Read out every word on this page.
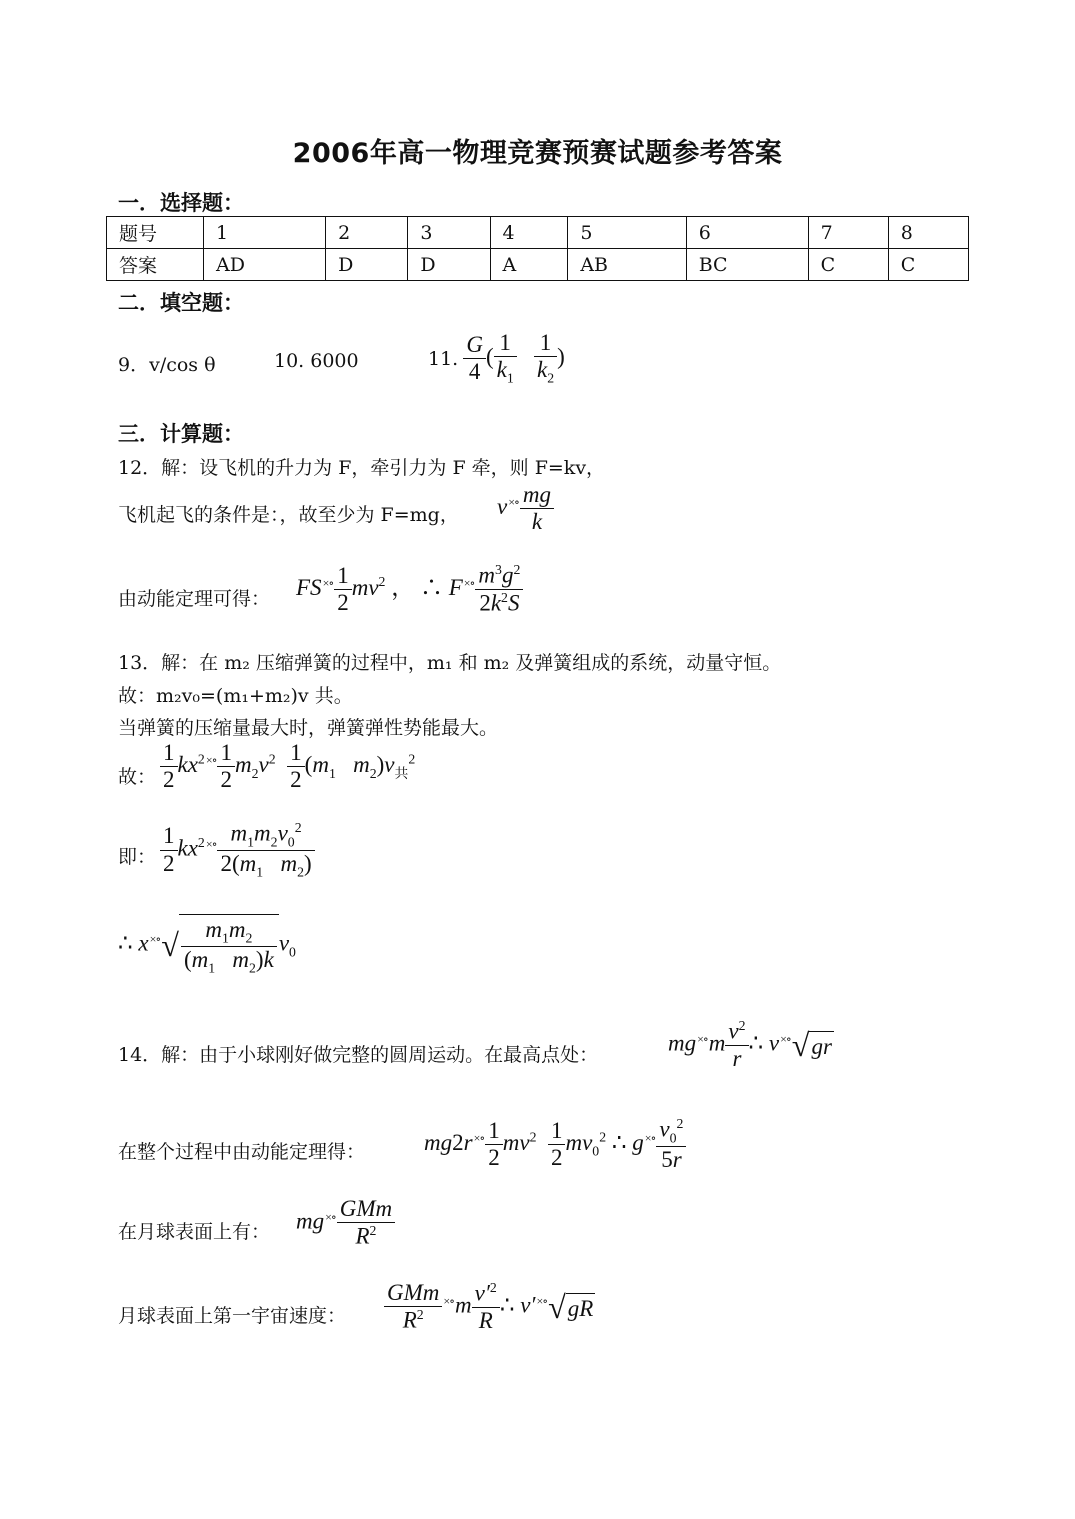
2006年高一物理竞赛预赛试题参考答案
一．选择题：
题号	1	2	3	4	5	6	7	8
答案	AD	D	D	A	AB	BC	C	C
二．填空题：
9．v/cos θ	10. 6000	11. $\frac{G}{4}$ ( $\frac{1}{k_1}$
$\frac{1}{k_2}$ )
三．计算题：
12．解：设飞机的升力为 F，牵引力为 F 牵，则 F=kv，
飞机起飞的条件是：，故至少为 F=mg， $v^{\times\circ} \frac{mg}{k}$
由动能定理可得： $FS^{\times\circ} \frac{1}{2} mv^2$ ， ∴ $F^{\times\circ} \frac{m^3g^2}{2k^2S}$
13．解：在 m₂ 压缩弹簧的过程中，m₁ 和 m₂ 及弹簧组成的系统，动量守恒。
故：m₂v₀=(m₁+m₂)v 共。
当弹簧的压缩量最大时，弹簧弹性势能最大。
故： $\frac{1}{2} kx^{2\times\circ} \frac{1}{2} m_2v^2 \frac{1}{2} (m_1$ $m_2)v_共^2$
即： $\frac{1}{2} kx^{2\times\circ} \frac{m_1m_2v_0^2}{2(m_1 m_2)}$
∴ $x^{\times\circ}√ \frac{m_1m_2}{(m_1 m_2)k} v_0$
14．解：由于小球刚好做完整的圆周运动。在最高点处：	$mg^{\times\circ}m \frac{v^2}{r}$ ∴ v×∘√gr
在整个过程中由动能定理得：	$mg2r^{\times\circ} \frac{1}{2} mv^2 \frac{1}{2} mv_0^2$ ∴ $g^{\times\circ} \frac{v_0^2}{5r}$
在月球表面上有： $mg^{\times\circ} \frac{\text{GMm}}{R^2}$
月球表面上第一宇宙速度： $\frac{\text{GMm}}{R^2} ^{\times\circ}m \frac{v'^2}{R}$ ∴ v′×∘√gR
